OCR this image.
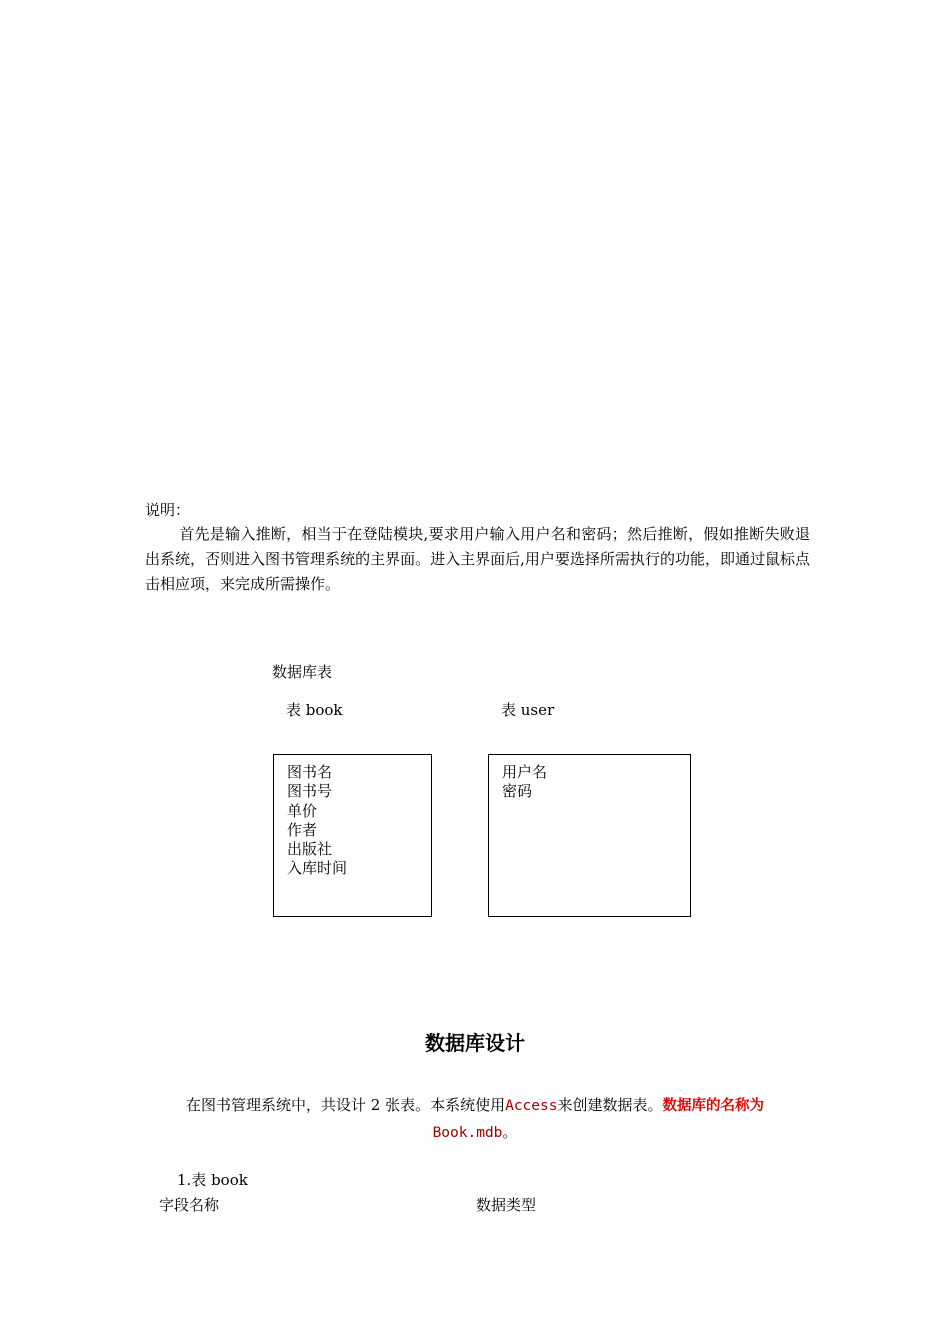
说明：
首先是输入推断，相当于在登陆模块,要求用户输入用户名和密码；然后推断，假如推断失败退出系统，否则进入图书管理系统的主界面。进入主界面后,用户要选择所需执行的功能，即通过鼠标点击相应项，来完成所需操作。
数据库表
表 book	表 user
图书名
图书号
单价
作者
出版社
入库时间
用户名
密码
数据库设计
在图书管理系统中，共设计 2 张表。本系统使用Access来创建数据表。数据库的名称为
Book.mdb。
1.表 book
字段名称	数据类型
